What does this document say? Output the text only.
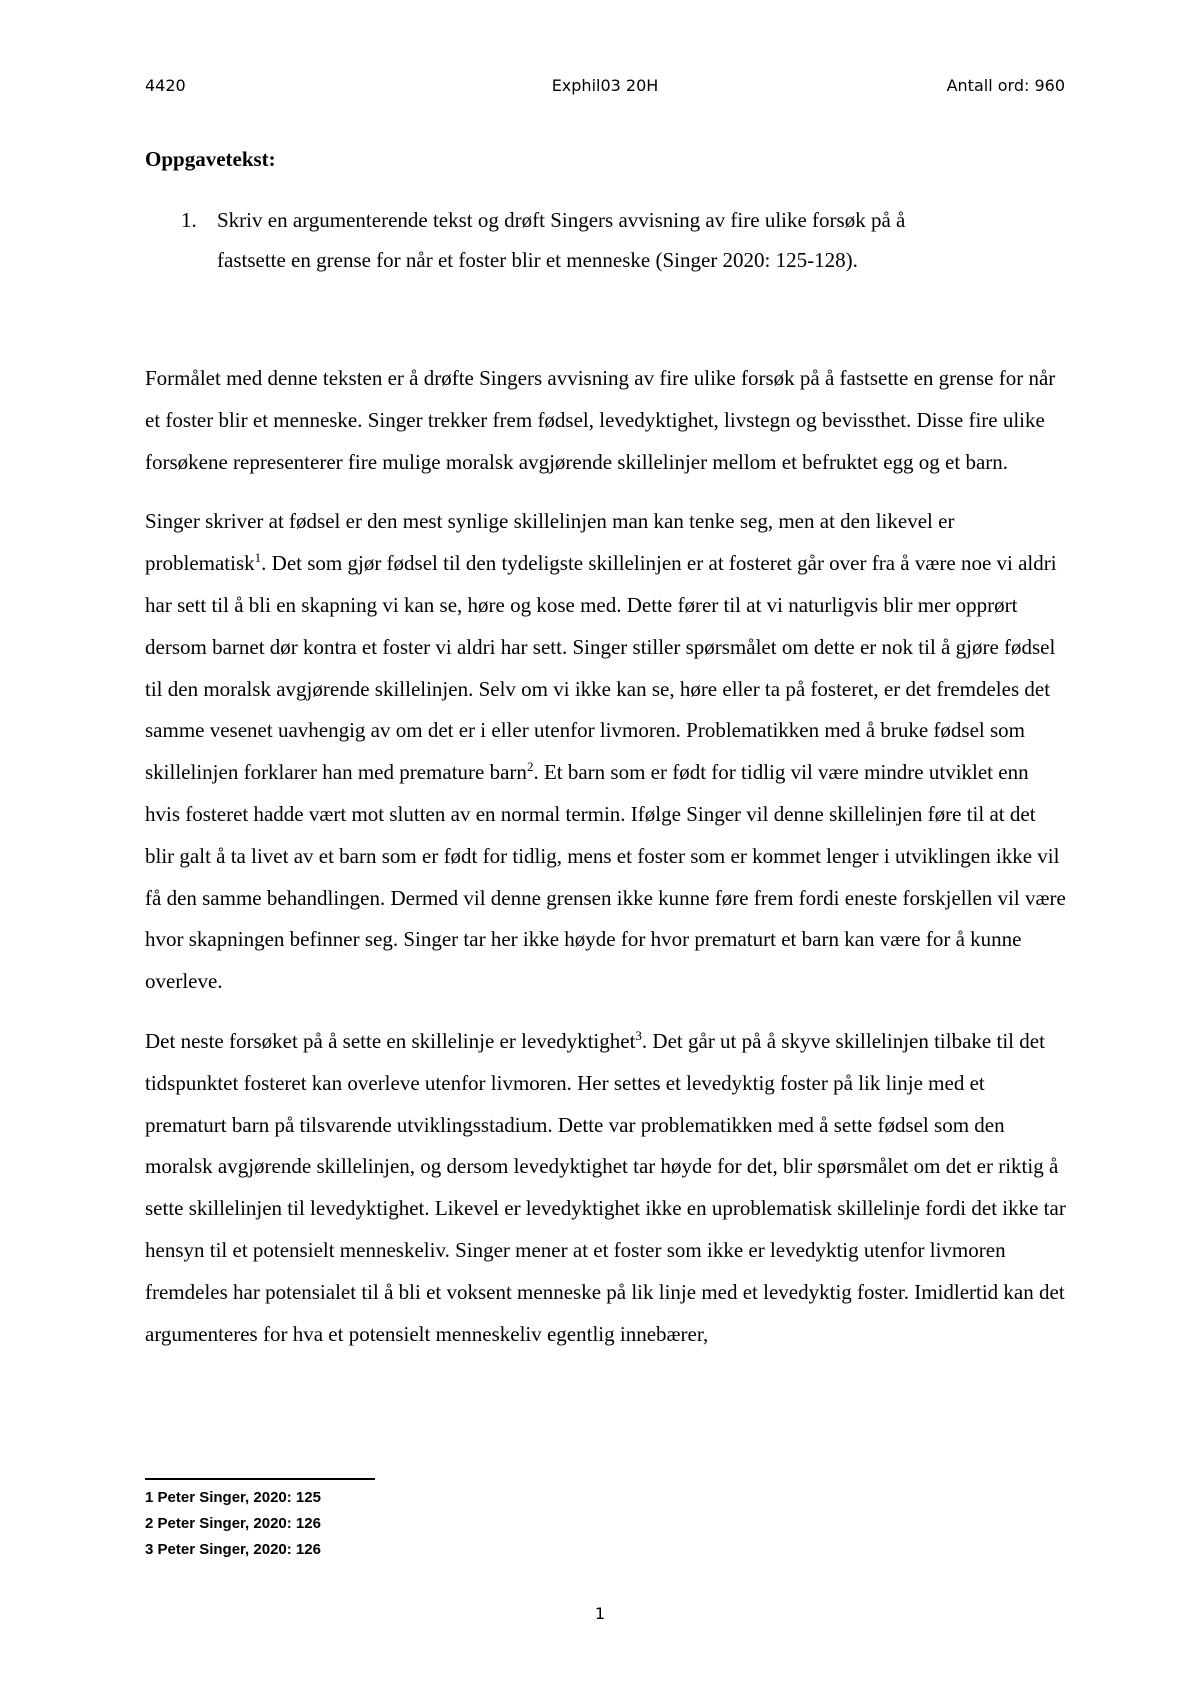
4420	Exphil03 20H	Antall ord: 960
Oppgavetekst:
1. Skriv en argumenterende tekst og drøft Singers avvisning av fire ulike forsøk på å
fastsette en grense for når et foster blir et menneske (Singer 2020: 125-128).

Formålet med denne teksten er å drøfte Singers avvisning av fire ulike forsøk på å fastsette en grense for når et foster blir et menneske. Singer trekker frem fødsel, levedyktighet, livstegn og bevissthet. Disse fire ulike forsøkene representerer fire mulige moralsk avgjørende skillelinjer mellom et befruktet egg og et barn.

Singer skriver at fødsel er den mest synlige skillelinjen man kan tenke seg, men at den likevel er problematisk$^1$. Det som gjør fødsel til den tydeligste skillelinjen er at fosteret går over fra å være noe vi aldri har sett til å bli en skapning vi kan se, høre og kose med. Dette fører til at vi naturligvis blir mer opprørt dersom barnet dør kontra et foster vi aldri har sett. Singer stiller spørsmålet om dette er nok til å gjøre fødsel til den moralsk avgjørende skillelinjen. Selv om vi ikke kan se, høre eller ta på fosteret, er det fremdeles det samme vesenet uavhengig av om det er i eller utenfor livmoren. Problematikken med å bruke fødsel som skillelinjen forklarer han med premature barn$^2$. Et barn som er født for tidlig vil være mindre utviklet enn hvis fosteret hadde vært mot slutten av en normal termin. Ifølge Singer vil denne skillelinjen føre til at det blir galt å ta livet av et barn som er født for tidlig, mens et foster som er kommet lenger i utviklingen ikke vil få den samme behandlingen. Dermed vil denne grensen ikke kunne føre frem fordi eneste forskjellen vil være hvor skapningen befinner seg. Singer tar her ikke høyde for hvor prematurt et barn kan være for å kunne overleve.

Det neste forsøket på å sette en skillelinje er levedyktighet$^3$. Det går ut på å skyve skillelinjen tilbake til det tidspunktet fosteret kan overleve utenfor livmoren. Her settes et levedyktig foster på lik linje med et prematurt barn på tilsvarende utviklingsstadium. Dette var problematikken med å sette fødsel som den moralsk avgjørende skillelinjen, og dersom levedyktighet tar høyde for det, blir spørsmålet om det er riktig å sette skillelinjen til levedyktighet. Likevel er levedyktighet ikke en uproblematisk skillelinje fordi det ikke tar hensyn til et potensielt menneskeliv. Singer mener at et foster som ikke er levedyktig utenfor livmoren fremdeles har potensialet til å bli et voksent menneske på lik linje med et levedyktig foster. Imidlertid kan det argumenteres for hva et potensielt menneskeliv egentlig innebærer,

1 Peter Singer, 2020: 125
2 Peter Singer, 2020: 126
3 Peter Singer, 2020: 126
1
